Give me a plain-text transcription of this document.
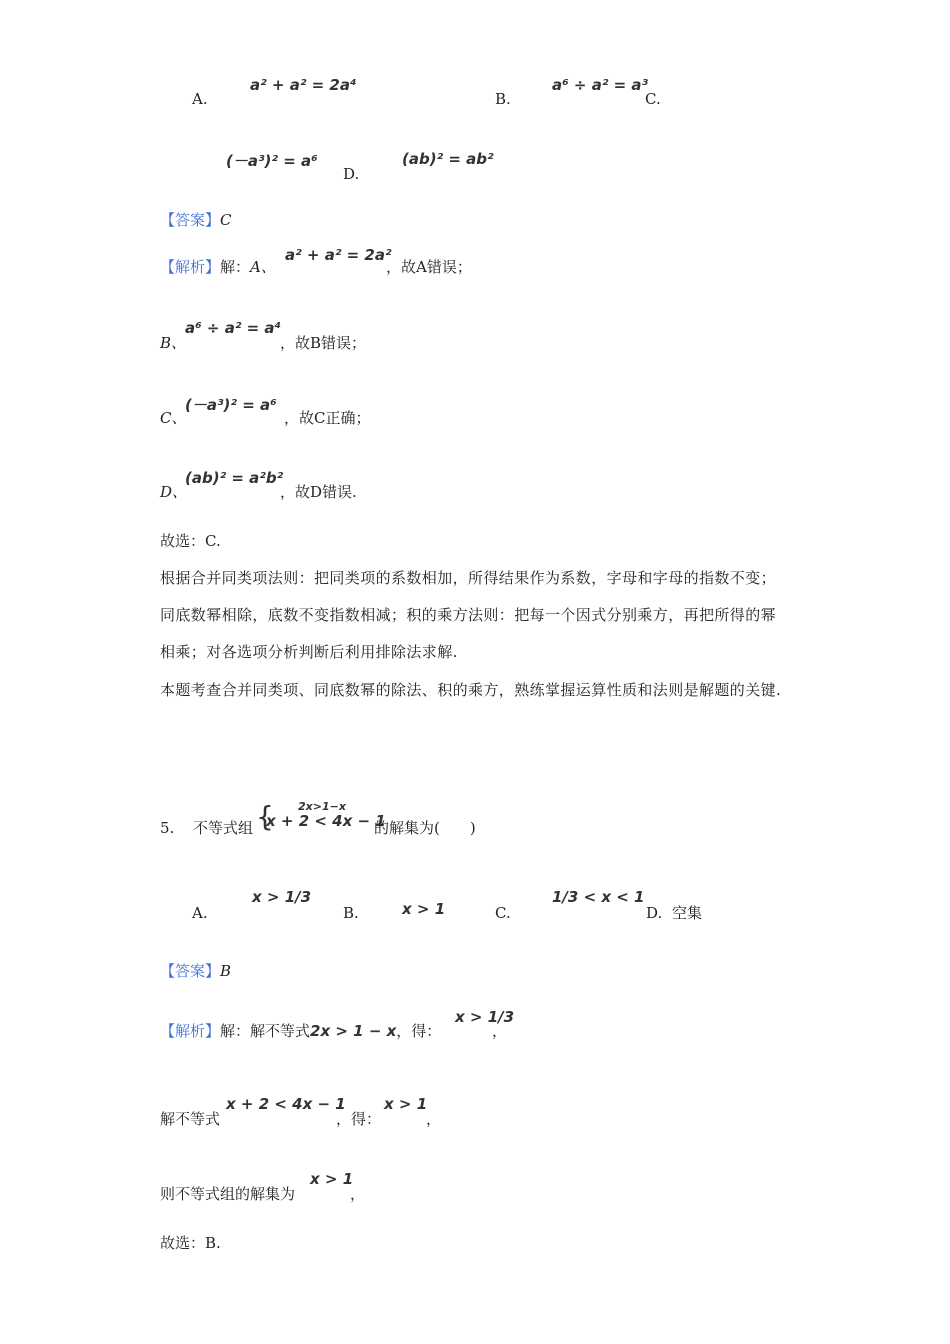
A.
a² + a² = 2a⁴
B.
a⁶ ÷ a² = a³
C.
(－a³)² = a⁶
D.
(ab)² = ab²
【答案】C
【解析】解：A、
a² + a² = 2a²
，故A错误；
B、
a⁶ ÷ a² = a⁴
，故B错误；
C、
(－a³)² = a⁶
，故C正确；
D、
(ab)² = a²b²
，故D错误.
故选：C.
根据合并同类项法则：把同类项的系数相加，所得结果作为系数，字母和字母的指数不变；同底数幂相除，底数不变指数相减；积的乘方法则：把每一个因式分别乘方，再把所得的幂相乘；对各选项分析判断后利用排除法求解.
本题考查合并同类项、同底数幂的除法、积的乘方，熟练掌握运算性质和法则是解题的关键.
5. 不等式组 { 2x>1−x
x + 2 < 4x − 1
的解集为(　　)
A.
x > 1/3
B.	x > 1	C.
1/3 < x < 1
D. 空集
【答案】B
【解析】解：解不等式2x > 1 − x，得：
x > 1/3
，
解不等式
x + 2 < 4x − 1
，得：
x > 1
，
则不等式组的解集为
x > 1
，
故选：B.
